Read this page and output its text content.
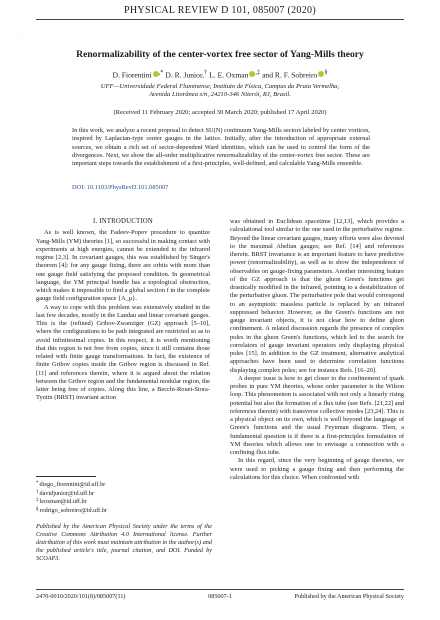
·
PHYSICAL REVIEW D 101, 085007 (2020)
Renormalizability of the center-vortex free sector of Yang-Mills theory
D. Fiorentini ,* D. R. Junior,† L. E. Oxman ,‡ and R. F. Sobreiro §
UFF—Universidade Federal Fluminense, Instituto de Física, Campus da Praia Vermelha,
Avenida Litorânea s/n, 24210-346 Niterói, RJ, Brasil.
(Received 11 February 2020; accepted 30 March 2020; published 17 April 2020)

In this work, we analyze a recent proposal to detect SU(N) continuum Yang-Mills sectors labeled by center vortices, inspired by Laplacian-type center gauges in the lattice. Initially, after the introduction of appropriate external sources, we obtain a rich set of sector-dependent Ward identities, which can be used to control the form of the divergences. Next, we show the all-order multiplicative renormalizability of the center-vortex free sector. These are important steps towards the establishment of a first-principles, well-defined, and calculable Yang-Mills ensemble.

DOI: 10.1103/PhysRevD.101.085007
I. INTRODUCTION

As is well known, the Fadeev-Popov procedure to quantize Yang-Mills (YM) theories [1], so successful in making contact with experiments at high energies, cannot be extended to the infrared regime [2,3]. In covariant gauges, this was established by Singer's theorem [4]: for any gauge fixing, there are orbits with more than one gauge field satisfying the proposed condition. In geometrical language, the YM principal bundle has a topological obstruction, which makes it impossible to find a global section f in the complete gauge field configuration space {A_μ}.

A way to cope with this problem was extensively studied in the last few decades, mostly in the Landau and linear covariant gauges. This is the (refined) Gribov-Zwanziger (GZ) approach [5–10], where the configurations to be path integrated are restricted so as to avoid infinitesimal copies. In this respect, it is worth mentioning that this region is not free from copies, since it still contains those related with finite gauge transformations. In fact, the existence of finite Gribov copies inside the Gribov region is discussed in Ref. [11] and references therein, where it is argued about the relation between the Gribov region and the fundamental modular region, the latter being free of copies. Along this line, a Becchi-Rouet-Stora-Tyutin (BRST) invariant action

was obtained in Euclidean spacetime [12,13], which provides a calculational tool similar to the one used in the perturbative regime. Beyond the linear covariant gauges, many efforts were also devoted to the maximal Abelian gauges; see Ref. [14] and references therein. BRST invariance is an important feature to have predictive power (renormalizability), as well as to show the independence of observables on gauge-fixing parameters. Another interesting feature of the GZ approach is that the gluon Green's functions get drastically modified in the infrared, pointing to a destabilization of the perturbative gluon. The perturbative pole that would correspond to an asymptotic massless particle is replaced by an infrared suppressed behavior. However, as the Green's functions are not gauge invariant objects, it is not clear how to define gluon confinement. A related discussion regards the presence of complex poles in the gluon Green's functions, which led to the search for correlators of gauge invariant operators only displaying physical poles [15]. In addition to the GZ treatment, alternative analytical approaches have been used to determine correlation functions displaying complex poles; see for instance Refs. [16–20].

A deeper issue is how to get closer to the confinement of quark probes in pure YM theories, whose order parameter is the Wilson loop. This phenomenon is associated with not only a linearly rising potential but also the formation of a flux tube (see Refs. [21,22] and references therein) with transverse collective modes [23,24]. This is a physical object on its own, which is well beyond the language of Green's functions and the usual Feynman diagrams. Then, a fundamental question is if there is a first-principles formulation of YM theories which allows one to envisage a connection with a confining flux tube.

In this regard, since the very beginning of gauge theories, we were used to picking a gauge fixing and then performing the calculations for this choice. When confronted with

*diego_fiorentini@id.uff.br
†davidjunior@id.uff.br
‡leoxman@id.uff.br
§rodrigo_sobreiro@id.uff.br

Published by the American Physical Society under the terms of the Creative Commons Attribution 4.0 International license. Further distribution of this work must maintain attribution to the author(s) and the published article's title, journal citation, and DOI. Funded by SCOAP3.

2470-0010/2020/101(8)/085007(11)	085007-1	Published by the American Physical Society
